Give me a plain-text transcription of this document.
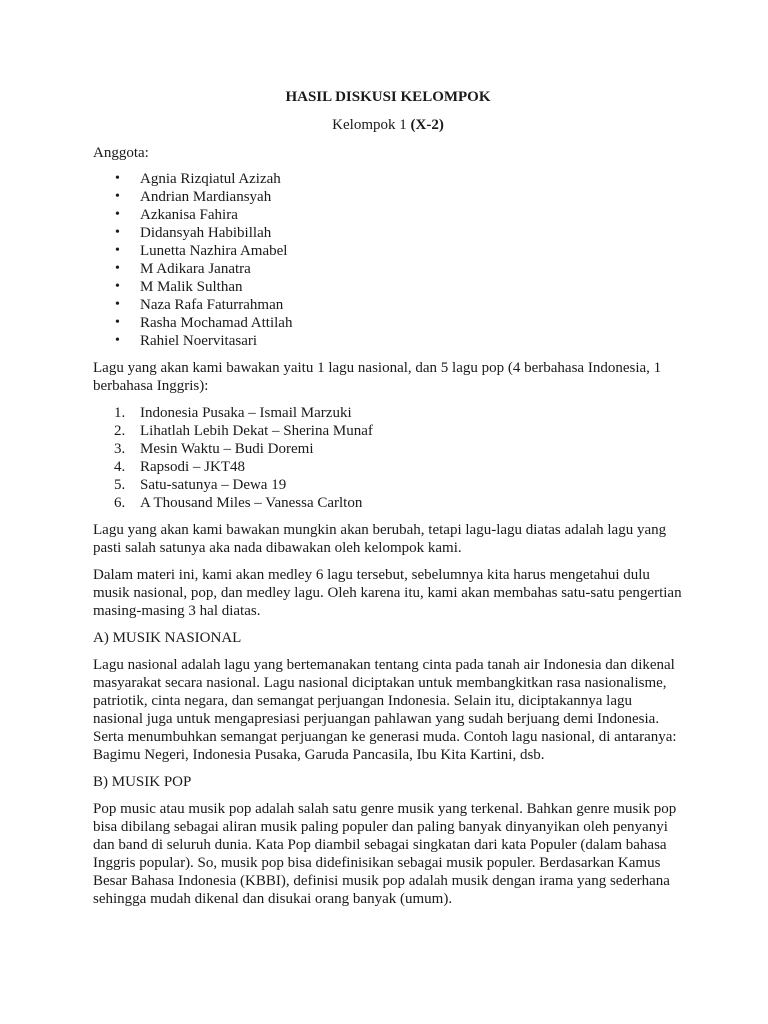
HASIL DISKUSI KELOMPOK

Kelompok 1 (X-2)

Anggota:

• Agnia Rizqiatul Azizah
• Andrian Mardiansyah
• Azkanisa Fahira
• Didansyah Habibillah
• Lunetta Nazhira Amabel
• M Adikara Janatra
• M Malik Sulthan
• Naza Rafa Faturrahman
• Rasha Mochamad Attilah
• Rahiel Noervitasari

Lagu yang akan kami bawakan yaitu 1 lagu nasional, dan 5 lagu pop (4 berbahasa Indonesia, 1 berbahasa Inggris):

1. Indonesia Pusaka – Ismail Marzuki
2. Lihatlah Lebih Dekat – Sherina Munaf
3. Mesin Waktu – Budi Doremi
4. Rapsodi – JKT48
5. Satu-satunya – Dewa 19
6. A Thousand Miles – Vanessa Carlton

Lagu yang akan kami bawakan mungkin akan berubah, tetapi lagu-lagu diatas adalah lagu yang pasti salah satunya aka nada dibawakan oleh kelompok kami.

Dalam materi ini, kami akan medley 6 lagu tersebut, sebelumnya kita harus mengetahui dulu musik nasional, pop, dan medley lagu. Oleh karena itu, kami akan membahas satu-satu pengertian masing-masing 3 hal diatas.

A) MUSIK NASIONAL

Lagu nasional adalah lagu yang bertemanakan tentang cinta pada tanah air Indonesia dan dikenal masyarakat secara nasional. Lagu nasional diciptakan untuk membangkitkan rasa nasionalisme, patriotik, cinta negara, dan semangat perjuangan Indonesia. Selain itu, diciptakannya lagu nasional juga untuk mengapresiasi perjuangan pahlawan yang sudah berjuang demi Indonesia. Serta menumbuhkan semangat perjuangan ke generasi muda. Contoh lagu nasional, di antaranya: Bagimu Negeri, Indonesia Pusaka, Garuda Pancasila, Ibu Kita Kartini, dsb.

B) MUSIK POP

Pop music atau musik pop adalah salah satu genre musik yang terkenal. Bahkan genre musik pop bisa dibilang sebagai aliran musik paling populer dan paling banyak dinyanyikan oleh penyanyi dan band di seluruh dunia. Kata Pop diambil sebagai singkatan dari kata Populer (dalam bahasa Inggris popular). So, musik pop bisa didefinisikan sebagai musik populer. Berdasarkan Kamus Besar Bahasa Indonesia (KBBI), definisi musik pop adalah musik dengan irama yang sederhana sehingga mudah dikenal dan disukai orang banyak (umum).
